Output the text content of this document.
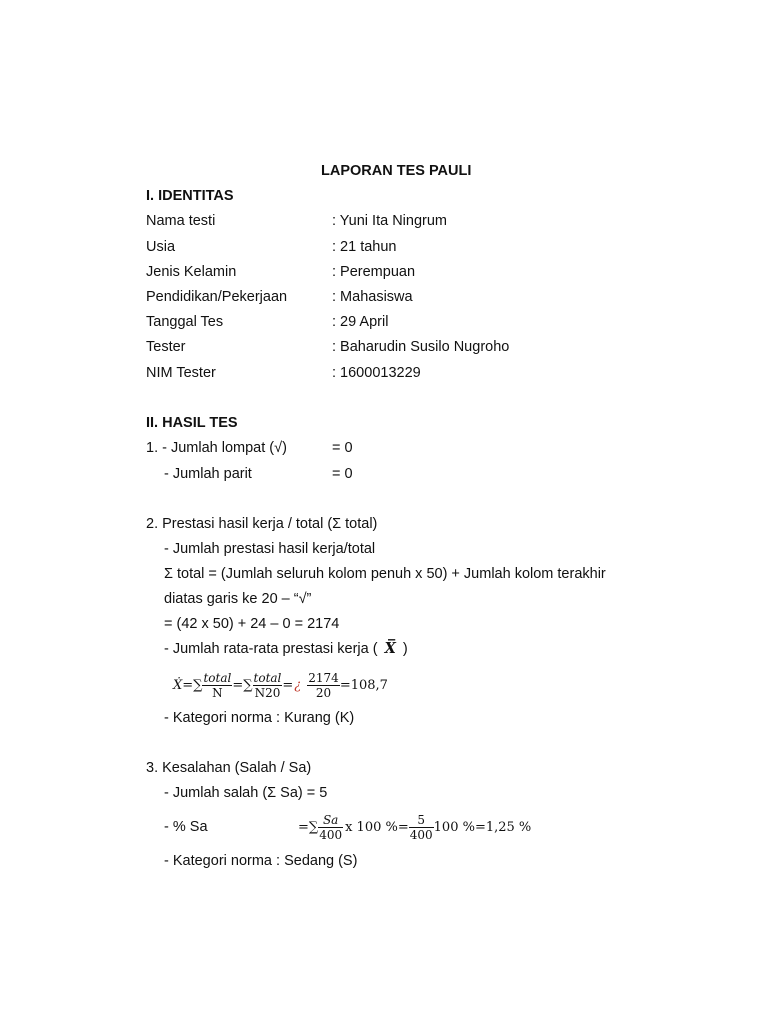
LAPORAN TES PAULI
I. IDENTITAS
Nama testi	: Yuni Ita Ningrum
Usia	: 21 tahun
Jenis Kelamin	: Perempuan
Pendidikan/Pekerjaan	: Mahasiswa
Tanggal Tes	: 29 April
Tester	: Baharudin Susilo Nugroho
NIM Tester	: 1600013229
II. HASIL TES
1. - Jumlah lompat (√)	= 0
- Jumlah parit	= 0
2. Prestasi hasil kerja / total (Σ total)
- Jumlah prestasi hasil kerja/total
Σ total = (Jumlah seluruh kolom penuh x 50) + Jumlah kolom terakhir
diatas garis ke 20 – “√”
= (42 x 50) + 24 – 0 = 2174
- Jumlah rata-rata prestasi kerja ( X̅ )
Ẋ =∑ $\frac{\text{total}}{N}$ =∑ $\frac{\text{total}}{N20}$ = ¿ $\frac{2174}{20} =108,7$
- Kategori norma : Kurang (K)
3. Kesalahan (Salah / Sa)
- Jumlah salah (Σ Sa) = 5
- % Sa	=∑ $\frac{Sa}{400}$ x 100 %= $\frac{5}{400} 100$ %=1,25 %
- Kategori norma : Sedang (S)
